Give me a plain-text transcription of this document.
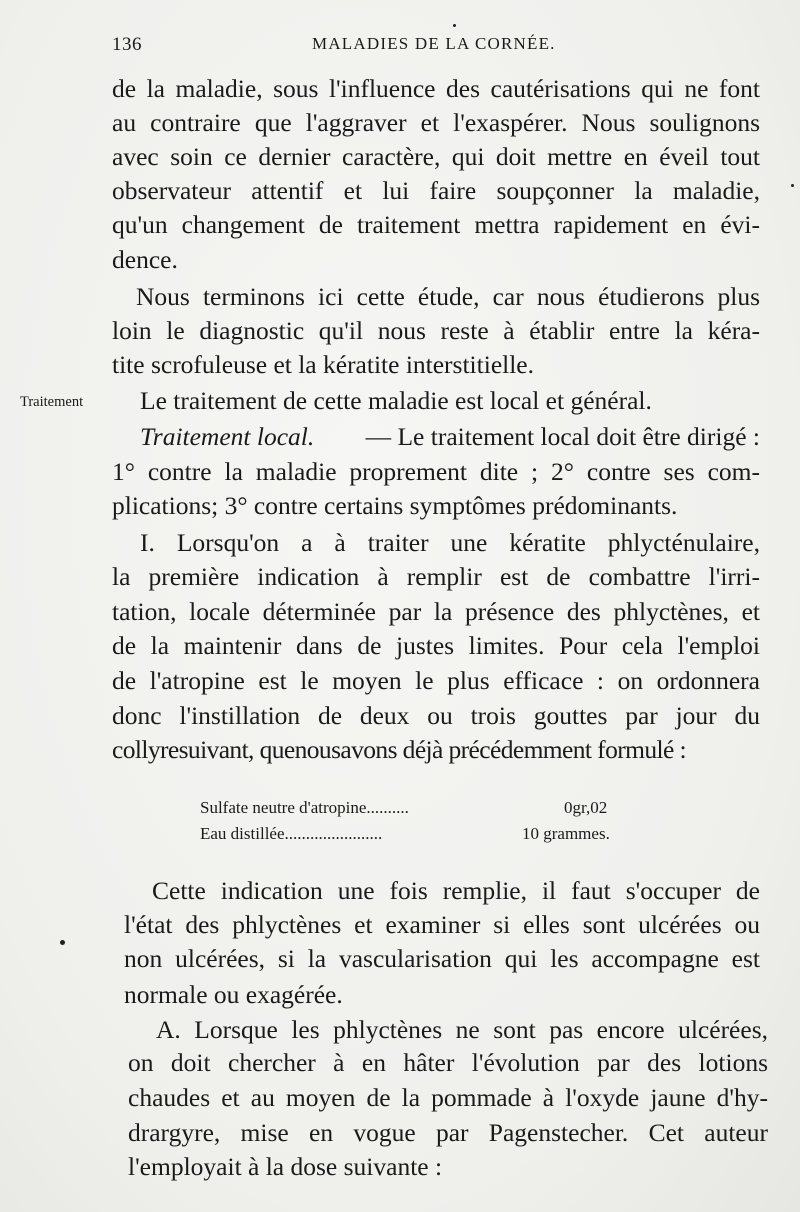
136	MALADIES DE LA CORNÉE.
Traitement
de la maladie, sous l'influence des cautérisations qui ne font
au contraire que l'aggraver et l'exaspérer. Nous soulignons
avec soin ce dernier caractère, qui doit mettre en éveil tout
observateur attentif et lui faire soupçonner la maladie,
qu'un changement de traitement mettra rapidement en évi-
dence.
Nous terminons ici cette étude, car nous étudierons plus
loin le diagnostic qu'il nous reste à établir entre la kéra-
tite scrofuleuse et la kératite interstitielle.
Le traitement de cette maladie est local et général.
Traitement local. — Le traitement local doit être dirigé :
1° contre la maladie proprement dite ; 2° contre ses com-
plications; 3° contre certains symptômes prédominants.
I. Lorsqu'on a à traiter une kératite phlycténulaire,
la première indication à remplir est de combattre l'irri-
tation, locale déterminée par la présence des phlyctènes, et
de la maintenir dans de justes limites. Pour cela l'emploi
de l'atropine est le moyen le plus efficace : on ordonnera
donc l'instillation de deux ou trois gouttes par jour du
collyresuivant, quenousavons déjà précédemment formulé :
Sulfate neutre d'atropine..........	0gr,02
Eau distillée.......................	10 grammes.
Cette indication une fois remplie, il faut s'occuper de
l'état des phlyctènes et examiner si elles sont ulcérées ou
non ulcérées, si la vascularisation qui les accompagne est
normale ou exagérée.
A. Lorsque les phlyctènes ne sont pas encore ulcérées,
on doit chercher à en hâter l'évolution par des lotions
chaudes et au moyen de la pommade à l'oxyde jaune d'hy-
drargyre, mise en vogue par Pagenstecher. Cet auteur
l'employait à la dose suivante :
